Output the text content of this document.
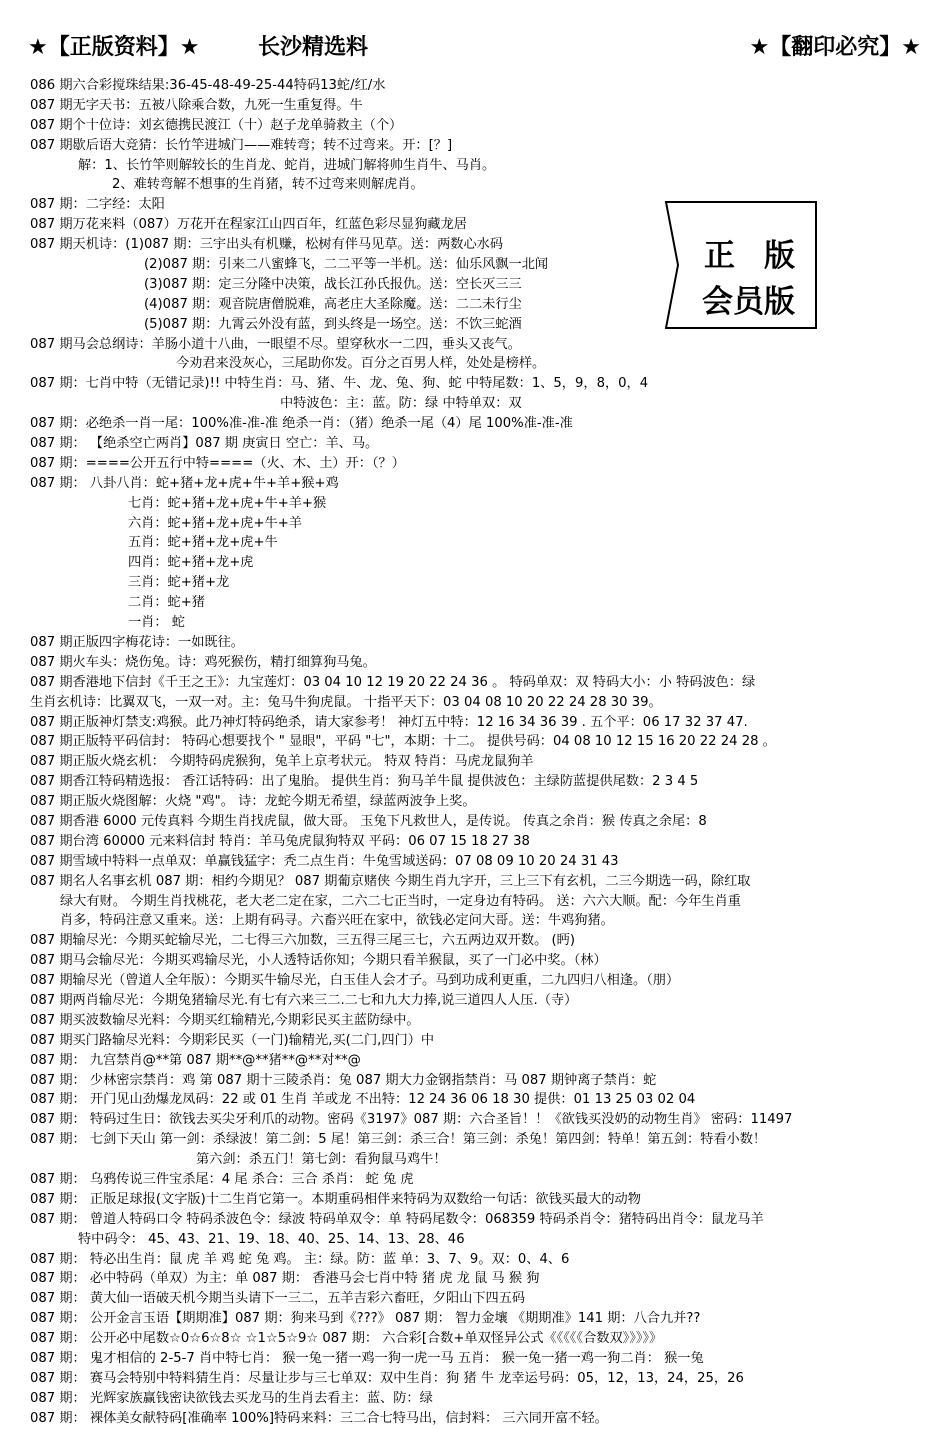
★【正版资料】★	长沙精选料	★【翻印必究】★
正 版
会员版
086 期六合彩搅珠结果:36-45-48-49-25-44特码13蛇/红/水
087 期无字天书：五被八除乘合数，九死一生重复得。牛
087 期个十位诗：刘玄德携民渡江（十）赵子龙单骑救主（个）
087 期歇后语大竞猜：长竹竿进城门——难转弯；转不过弯来。开：[？]
解：1、长竹竿则解较长的生肖龙、蛇肖，进城门解将帅生肖牛、马肖。
2、难转弯解不想事的生肖猪，转不过弯来则解虎肖。
087 期：二字经：太阳
087 期万花来料（087）万花开在程家江山四百年，红蓝色彩尽显狗藏龙居
087 期天机诗：(1)087 期：三宇出头有机赚，松树有伴马见草。送：两数心水码
(2)087 期：引来二八蜜蜂飞，二二平等一半机。送：仙乐风飘一北闻
(3)087 期：定三分隆中决策，战长江孙氏报仇。送：空长灭三三
(4)087 期：观音院唐僧脱难，高老庄大圣除魔。送：二二未行尘
(5)087 期：九霄云外没有蓝，到头终是一场空。送：不饮三蛇酒
087 期马会总纲诗：羊肠小道十八曲，一眼望不尽。望穿秋水一二四，垂头又丧气。
今劝君来没灰心，三尾助你发。百分之百男人样，处处是榜样。
087 期：七肖中特（无错记录)!! 中特生肖：马、猪、牛、龙、兔、狗、蛇 中特尾数：1、5，9，8，0，4
中特波色：主：蓝。防：绿 中特单双：双
087 期：必绝杀一肖一尾：100%准-准-准 绝杀一肖：（猪）绝杀一尾（4）尾 100%准-准-准
087 期： 【绝杀空亡两肖】087 期 庚寅日 空亡：羊、马。
087 期：====公开五行中特====（火、木、土）开：（？）
087 期： 八卦八肖：蛇+猪+龙+虎+牛+羊+猴+鸡
七肖：蛇+猪+龙+虎+牛+羊+猴
六肖：蛇+猪+龙+虎+牛+羊
五肖：蛇+猪+龙+虎+牛
四肖：蛇+猪+龙+虎
三肖：蛇+猪+龙
二肖：蛇+猪
一肖： 蛇
087 期正版四字梅花诗：一如既往。
087 期火车头：烧伤兔。诗：鸡死猴伤，精打细算狗马兔。
087 期香港地下信封《千王之王》：九宝莲灯：03 04 10 12 19 20 22 24 36 。 特码单双：双 特码大小：小 特码波色：绿
生肖玄机诗：比翼双飞，一双一对。主：兔马牛狗虎鼠。 十指平天下：03 04 08 10 20 22 24 28 30 39。
087 期正版神灯禁支:鸡猴。此乃神灯特码绝杀，请大家参考！ 神灯五中特：12 16 34 36 39 . 五个平：06 17 32 37 47.
087 期正版特平码信封： 特码心想要找个 " 显眼"，平码 "七"，本期：十二。 提供号码：04 08 10 12 15 16 20 22 24 28 。
087 期正版火烧玄机： 今期特码虎猴狗，兔羊上京考状元。 特双 特肖：马虎龙鼠狗羊
087 期香江特码精选报： 香江话特码：出了鬼胎。 提供生肖：狗马羊牛鼠 提供波色：主绿防蓝提供尾数：2 3 4 5
087 期正版火烧图解：火烧 "鸡"。 诗：龙蛇今期无希望，绿蓝两波争上奖。
087 期香港 6000 元传真料 今期生肖找虎鼠，做大哥。 玉兔下凡救世人，是传说。 传真之余肖：猴 传真之余尾：8
087 期台湾 60000 元来料信封 特肖：羊马兔虎鼠狗特双 平码：06 07 15 18 27 38
087 期雪域中特料一点单双：单赢钱猛字：秃二点生肖：牛兔雪域送码：07 08 09 10 20 24 31 43
087 期名人名事玄机 087 期：相约今期见？ 087 期葡京赌侠 今期生肖九字开，三上三下有玄机，二三今期选一码，除红取
绿大有财。 今期生肖找桃花，老大老二定在家，二六二七正当时，一定身边有特码。 送：六六大顺。配：今年生肖重
肖多，特码注意又重来。送：上期有码寻。六畜兴旺在家中，欲钱必定问大哥。送：牛鸡狗猪。
087 期输尽光：今期买蛇输尽光，二七得三六加数，三五得三尾三七，六五两边双开数。 (眄)
087 期马会输尽光：今期买鸡输尽光，小人透特话你知；今期只看羊猴鼠，买了一门必中奖。（林）
087 期输尽光（曾道人全年版）：今期买牛输尽光，白玉佳人会才子。马到功成利更重，二九四归八相逢。（朋）
087 期两肖输尽光：今期兔猪输尽光.有七有六来三二.二七和九大力捧,说三道四人人压.（寺）
087 期买波数输尽光料：今期买红输精光,今期彩民买主蓝防绿中。
087 期买门路输尽光料：今期彩民买（一门)输精光,买(二门,四门）中
087 期： 九宫禁肖@**第 087 期**@**猪**@**对**@
087 期： 少林密宗禁肖：鸡 第 087 期十三陵杀肖：兔 087 期大力金钢指禁肖：马 087 期钟离子禁肖：蛇
087 期： 开门见山劲爆龙凤码：22 或 01 生肖 羊或龙 不出特：12 24 36 06 18 30 提供：01 13 25 03 02 04
087 期： 特码过生日：欲钱去买尖牙利爪的动物。密码《3197》087 期：六合圣旨！！《欲钱买没奶的动物生肖》 密码：11497
087 期： 七剑下天山 第一剑：杀绿波！第二剑：5 尾！第三剑：杀三合！第三剑：杀兔！第四剑：特单！第五剑：特看小数！
第六剑：杀五门！第七剑：看狗鼠马鸡牛！
087 期： 乌鸦传说三件宝杀尾：4 尾 杀合：三合 杀肖： 蛇 兔 虎
087 期： 正版足球报(文字版)十二生肖它第一。本期重码相伴来特码为双数给一句话：欲钱买最大的动物
087 期： 曾道人特码口令 特码杀波色令：绿波 特码单双令：单 特码尾数令：068359 特码杀肖令：猪特码出肖令：鼠龙马羊
特中码令： 45、43、21、19、18、40、25、14、13、28、46
087 期： 特必出生肖：鼠 虎 羊 鸡 蛇 兔 鸡。 主：绿。防：蓝 单：3、7、9。双：0、4、6
087 期： 必中特码（单双）为主：单 087 期： 香港马会七肖中特 猪 虎 龙 鼠 马 猴 狗
087 期： 黄大仙一语破天机今期当头请下一三二，五羊吉彩六畜旺，夕阳山下四五码
087 期： 公开金言玉语【期期准】087 期：狗来马到《???》 087 期： 智力金壤 《期期准》141 期：八合九并??
087 期： 公开必中尾数☆0☆6☆8☆ ☆1☆5☆9☆ 087 期： 六合彩[合数+单双怪异公式《《《《《合数双》》》》》
087 期： 鬼才相信的 2-5-7 肖中特七肖： 猴一兔一猪一鸡一狗一虎一马 五肖： 猴一兔一猪一鸡一狗二肖： 猴一兔
087 期： 赛马会特别中特料猜生肖：尽量让步与三七单双：双中生肖：狗 猪 牛 龙幸运号码：05，12，13，24，25，26
087 期： 光辉家族赢钱密诀欲钱去买龙马的生肖去看主：蓝、防：绿
087 期： 裸体美女献特码[准确率 100%]特码来料：三二合七特马出，信封料： 三六同开富不轻。
